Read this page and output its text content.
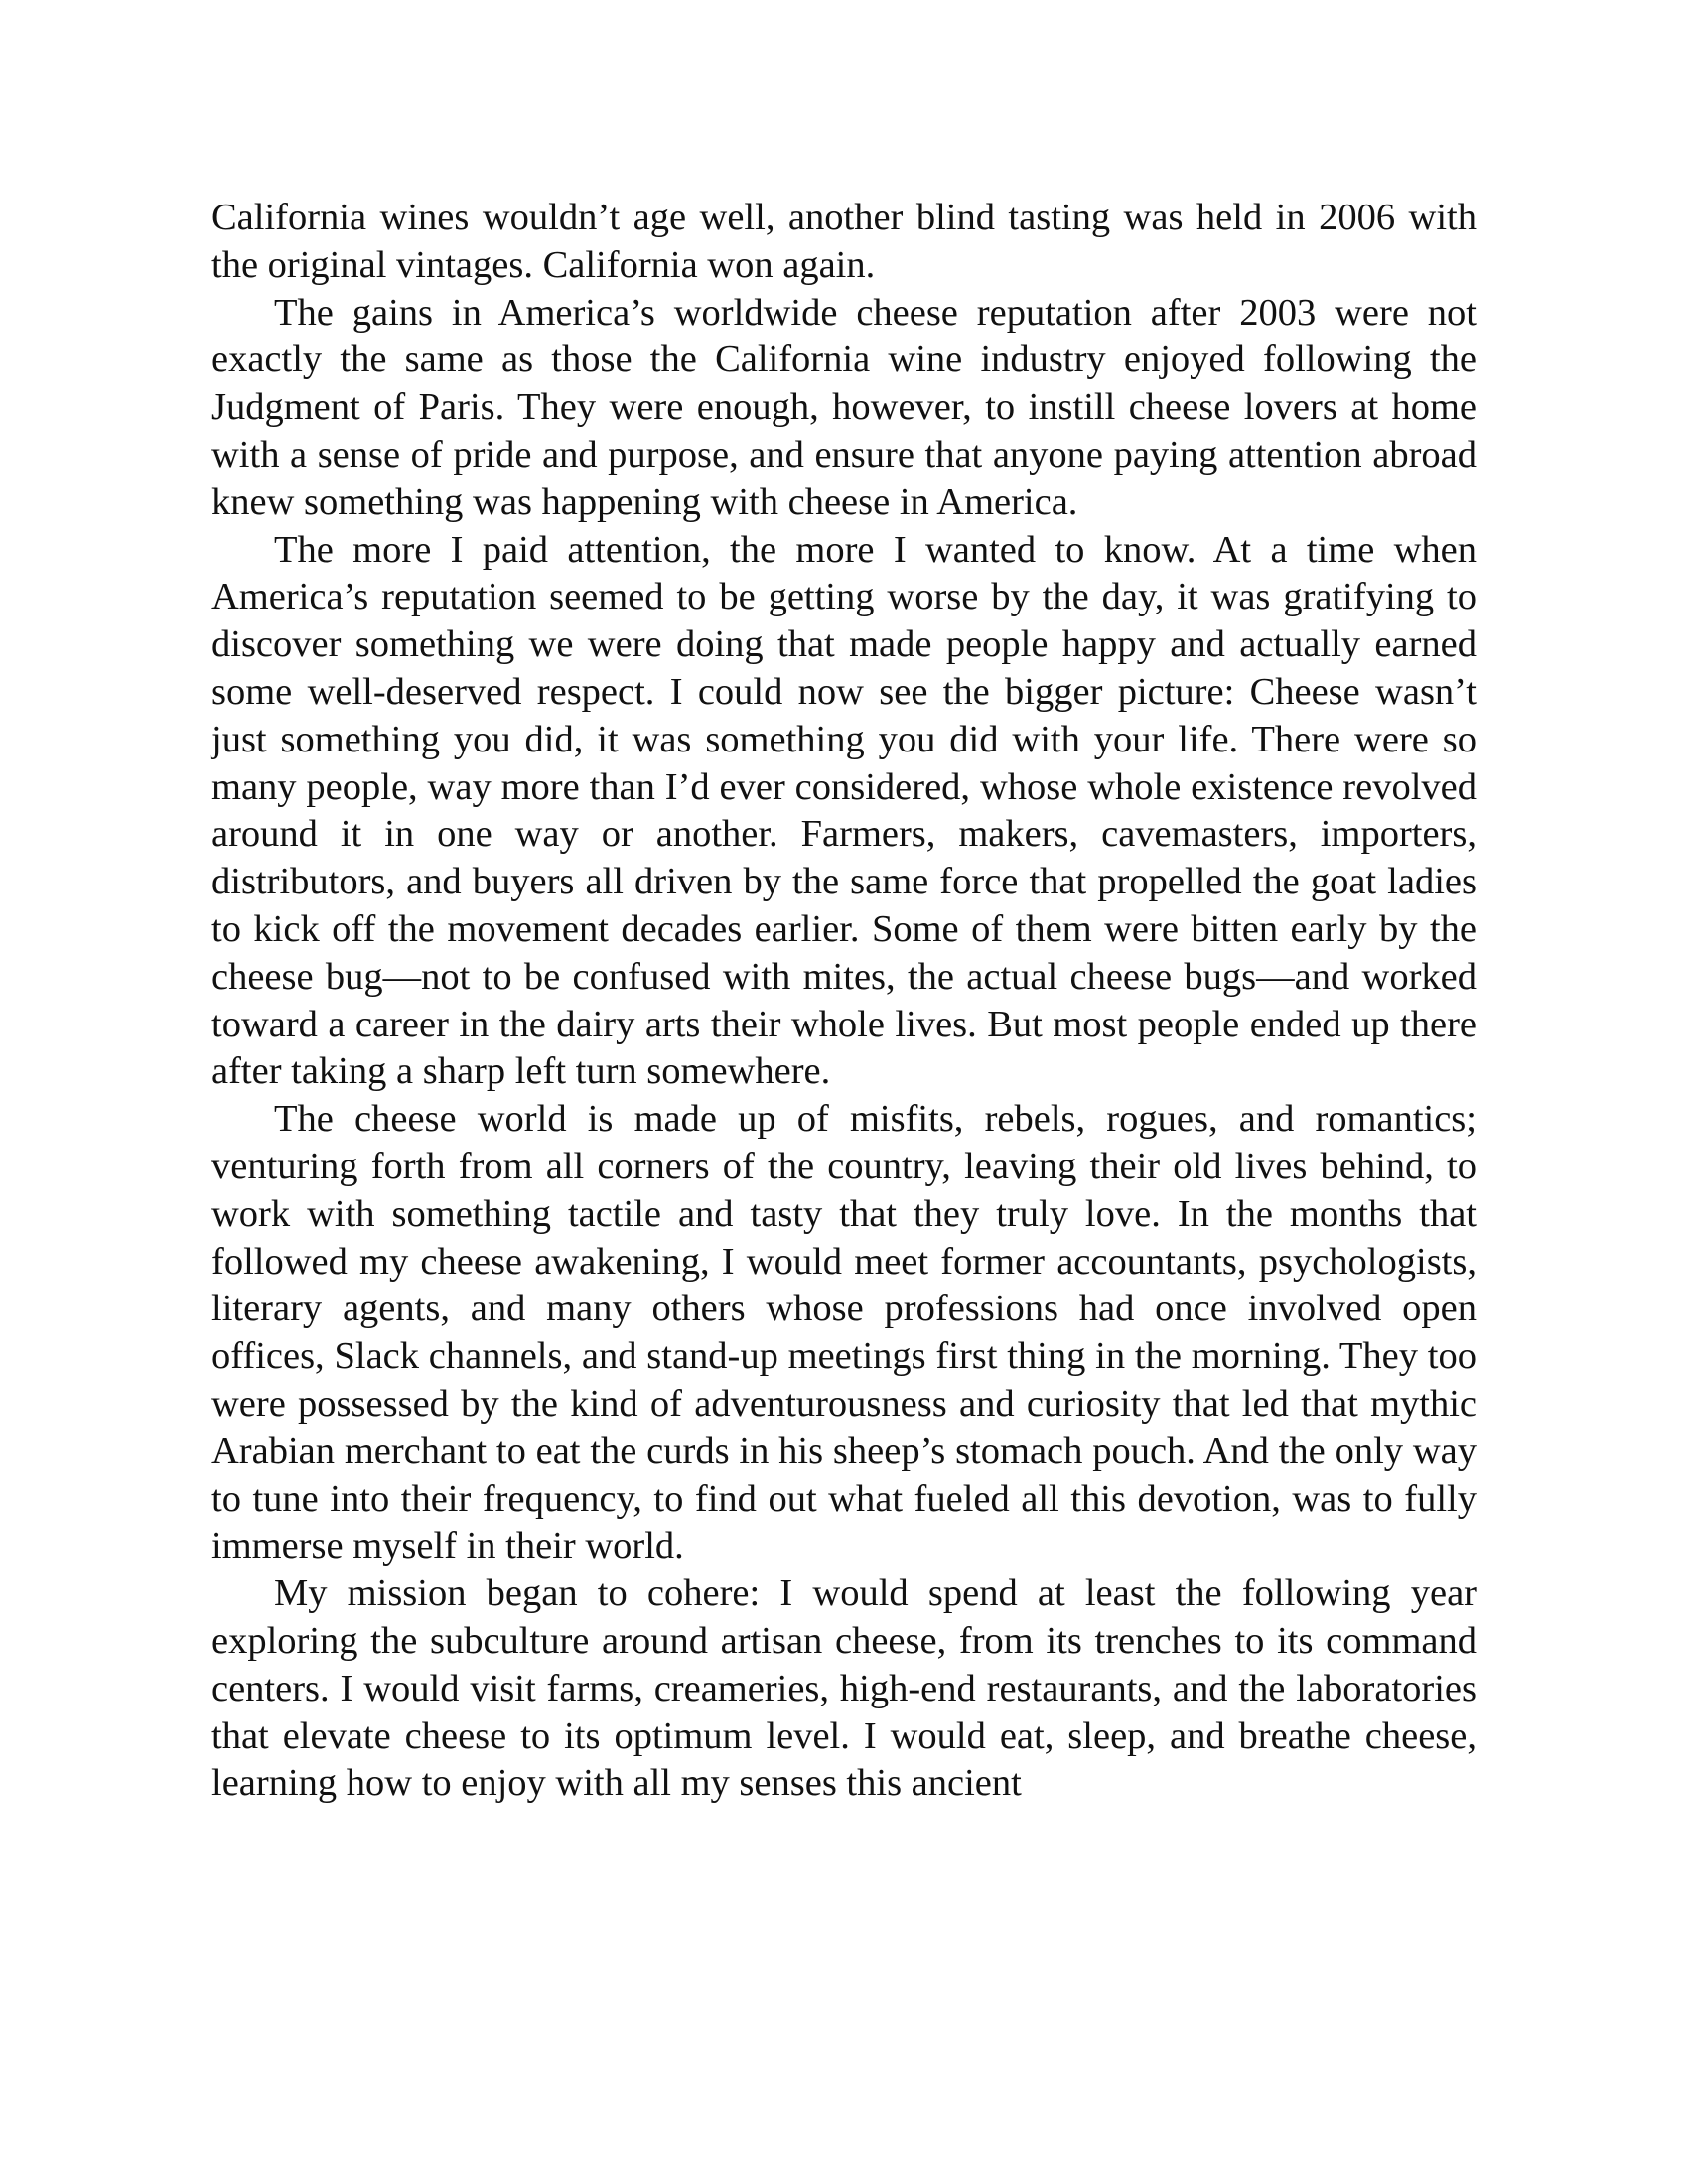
California wines wouldn’t age well, another blind tasting was held in 2006 with the original vintages. California won again.

The gains in America’s worldwide cheese reputation after 2003 were not exactly the same as those the California wine industry enjoyed following the Judgment of Paris. They were enough, however, to instill cheese lovers at home with a sense of pride and purpose, and ensure that anyone paying attention abroad knew something was happening with cheese in America.

The more I paid attention, the more I wanted to know. At a time when America’s reputation seemed to be getting worse by the day, it was gratifying to discover something we were doing that made people happy and actually earned some well-deserved respect. I could now see the bigger picture: Cheese wasn’t just something you did, it was something you did with your life. There were so many people, way more than I’d ever considered, whose whole existence revolved around it in one way or another. Farmers, makers, cavemasters, importers, distributors, and buyers all driven by the same force that propelled the goat ladies to kick off the movement decades earlier. Some of them were bitten early by the cheese bug—not to be confused with mites, the actual cheese bugs—and worked toward a career in the dairy arts their whole lives. But most people ended up there after taking a sharp left turn somewhere.

The cheese world is made up of misfits, rebels, rogues, and romantics; venturing forth from all corners of the country, leaving their old lives behind, to work with something tactile and tasty that they truly love. In the months that followed my cheese awakening, I would meet former accountants, psychologists, literary agents, and many others whose professions had once involved open offices, Slack channels, and stand-up meetings first thing in the morning. They too were possessed by the kind of adventurousness and curiosity that led that mythic Arabian merchant to eat the curds in his sheep’s stomach pouch. And the only way to tune into their frequency, to find out what fueled all this devotion, was to fully immerse myself in their world.

My mission began to cohere: I would spend at least the following year exploring the subculture around artisan cheese, from its trenches to its command centers. I would visit farms, creameries, high-end restaurants, and the laboratories that elevate cheese to its optimum level. I would eat, sleep, and breathe cheese, learning how to enjoy with all my senses this ancient
